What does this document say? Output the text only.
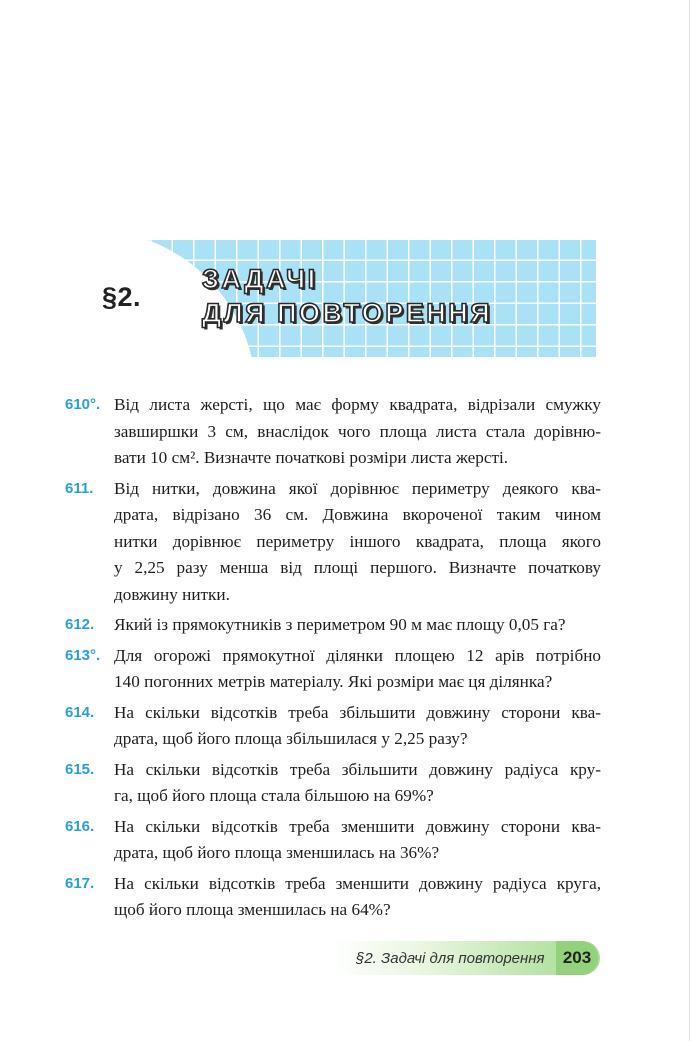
§2.
ЗАДАЧІ
ДЛЯ ПОВТОРЕННЯ
610°. Від листа жерсті, що має форму квадрата, відрізали смужку
завширшки 3 см, внаслідок чого площа листа стала дорівню-
вати 10 см². Визначте початкові розміри листа жерсті.
611. Від нитки, довжина якої дорівнює периметру деякого ква-
драта, відрізано 36 см. Довжина вкороченої таким чином
нитки дорівнює периметру іншого квадрата, площа якого
у 2,25 разу менша від площі першого. Визначте початкову
довжину нитки.
612. Який із прямокутників з периметром 90 м має площу 0,05 га?
613°. Для огорожі прямокутної ділянки площею 12 арів потрібно
140 погонних метрів матеріалу. Які розміри має ця ділянка?
614. На скільки відсотків треба збільшити довжину сторони ква-
драта, щоб його площа збільшилася у 2,25 разу?
615. На скільки відсотків треба збільшити довжину радіуса кру-
га, щоб його площа стала більшою на 69%?
616. На скільки відсотків треба зменшити довжину сторони ква-
драта, щоб його площа зменшилась на 36%?
617. На скільки відсотків треба зменшити довжину радіуса круга,
щоб його площа зменшилась на 64%?
§2. Задачі для повторення	203
